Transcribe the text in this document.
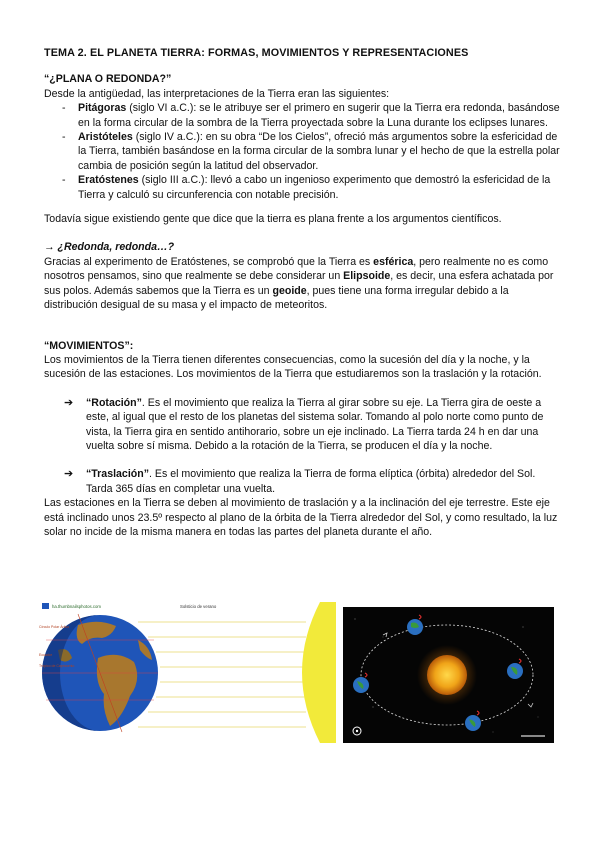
TEMA 2. EL PLANETA TIERRA: FORMAS, MOVIMIENTOS Y REPRESENTACIONES

“¿PLANA O REDONDA?”

Desde la antigüedad, las interpretaciones de la Tierra eran las siguientes:

- Pitágoras (siglo VI a.C.): se le atribuye ser el primero en sugerir que la Tierra era redonda, basándose en la forma circular de la sombra de la Tierra proyectada sobre la Luna durante los eclipses lunares.
- Aristóteles (siglo IV a.C.): en su obra “De los Cielos”, ofreció más argumentos sobre la esfericidad de la Tierra, también basándose en la forma circular de la sombra lunar y el hecho de que la estrella polar cambia de posición según la latitud del observador.
- Eratóstenes (siglo III a.C.): llevó a cabo un ingenioso experimento que demostró la esfericidad de la Tierra y calculó su circunferencia con notable precisión.

Todavía sigue existiendo gente que dice que la tierra es plana frente a los argumentos científicos.

→ ¿Redonda, redonda…?

Gracias al experimento de Eratóstenes, se comprobó que la Tierra es esférica, pero realmente no es como nosotros pensamos, sino que realmente se debe considerar un Elipsoide, es decir, una esfera achatada por sus polos. Además sabemos que la Tierra es un geoide, pues tiene una forma irregular debido a la distribución desigual de su masa y el impacto de meteoritos.

“MOVIMIENTOS”:

Los movimientos de la Tierra tienen diferentes consecuencias, como la sucesión del día y la noche, y la sucesión de las estaciones. Los movimientos de la Tierra que estudiaremos son la traslación y la rotación.

➔ “Rotación”. Es el movimiento que realiza la Tierra al girar sobre su eje. La Tierra gira de oeste a este, al igual que el resto de los planetas del sistema solar. Tomando al polo norte como punto de vista, la Tierra gira en sentido antihorario, sobre un eje inclinado. La Tierra tarda 24 h en dar una vuelta sobre sí misma. Debido a la rotación de la Tierra, se producen el día y la noche.
➔ “Traslación”. Es el movimiento que realiza la Tierra de forma elíptica (órbita) alrededor del Sol. Tarda 365 días en completar una vuelta.

Las estaciones en la Tierra se deben al movimiento de traslación y a la inclinación del eje terrestre. Este eje está inclinado unos 23.5º respecto al plano de la órbita de la Tierra alrededor del Sol, y como resultado, la luz solar no incide de la misma manera en todas las partes del planeta durante el año.

ha.thumbnailsphotos.com	Solsticio de verano
Círculo Polar Ártico
Ecuador
Trópico de Capricornio
